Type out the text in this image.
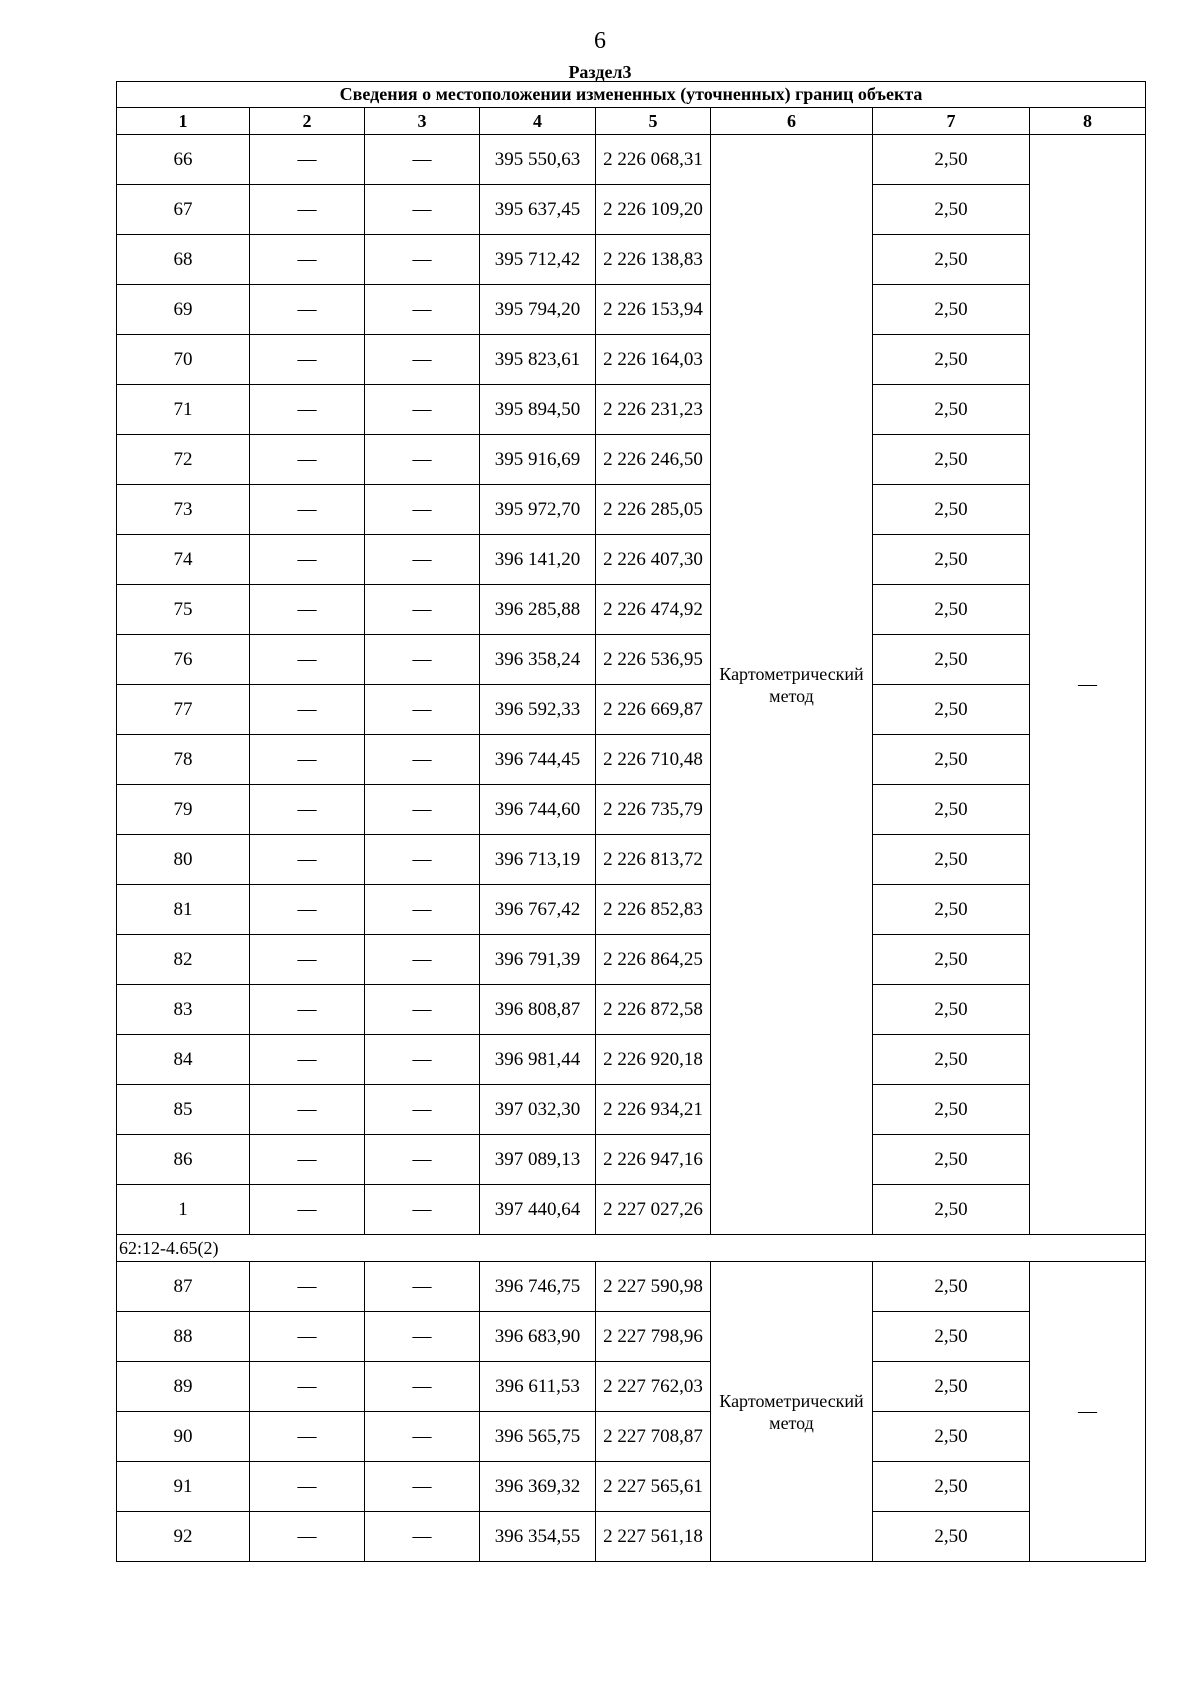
6
Раздел3
Сведения о местоположении измененных (уточненных) границ объекта							
1	2	3	4	5	6	7	8
66	—	—	395 550,63	2 226 068,31	Картометрический метод	2,50	—
67	—	—	395 637,45	2 226 109,20		2,50	
68	—	—	395 712,42	2 226 138,83		2,50	
69	—	—	395 794,20	2 226 153,94		2,50	
70	—	—	395 823,61	2 226 164,03		2,50	
71	—	—	395 894,50	2 226 231,23		2,50	
72	—	—	395 916,69	2 226 246,50		2,50	
73	—	—	395 972,70	2 226 285,05		2,50	
74	—	—	396 141,20	2 226 407,30		2,50	
75	—	—	396 285,88	2 226 474,92		2,50	
76	—	—	396 358,24	2 226 536,95		2,50	
77	—	—	396 592,33	2 226 669,87		2,50	
78	—	—	396 744,45	2 226 710,48		2,50	
79	—	—	396 744,60	2 226 735,79		2,50	
80	—	—	396 713,19	2 226 813,72		2,50	
81	—	—	396 767,42	2 226 852,83		2,50	
82	—	—	396 791,39	2 226 864,25		2,50	
83	—	—	396 808,87	2 226 872,58		2,50	
84	—	—	396 981,44	2 226 920,18		2,50	
85	—	—	397 032,30	2 226 934,21		2,50	
86	—	—	397 089,13	2 226 947,16		2,50	
1	—	—	397 440,64	2 227 027,26		2,50	
62:12-4.65(2)							
87	—	—	396 746,75	2 227 590,98	Картометрический метод	2,50	—
88	—	—	396 683,90	2 227 798,96		2,50	
89	—	—	396 611,53	2 227 762,03		2,50	
90	—	—	396 565,75	2 227 708,87		2,50	
91	—	—	396 369,32	2 227 565,61		2,50	
92	—	—	396 354,55	2 227 561,18		2,50	
